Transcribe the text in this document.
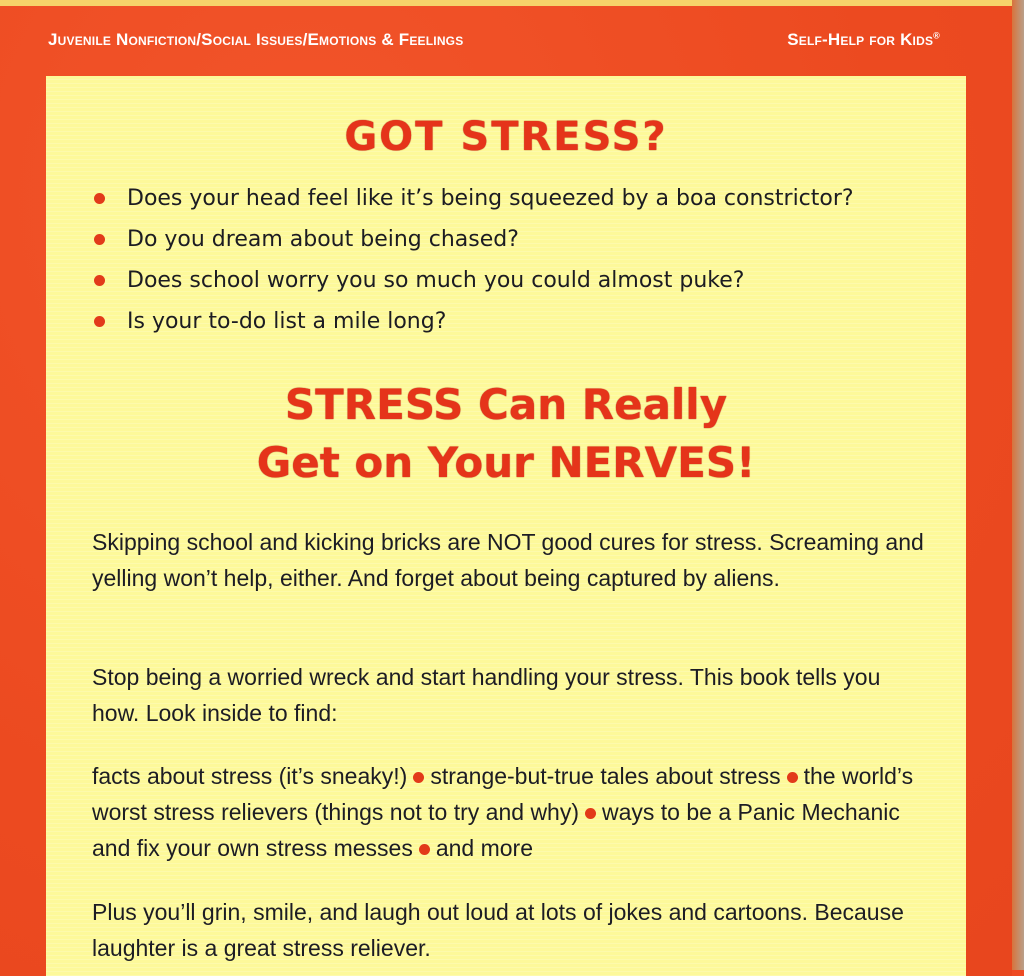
Juvenile Nonfiction/Social Issues/Emotions & Feelings	Self-Help for Kids®
GOT STRESS?
Does your head feel like it’s being squeezed by a boa constrictor?
Do you dream about being chased?
Does school worry you so much you could almost puke?
Is your to-do list a mile long?
STRESS Can Really
Get on Your NERVES!

Skipping school and kicking bricks are NOT good cures for stress. Screaming and yelling won’t help, either. And forget about being captured by aliens.

Stop being a worried wreck and start handling your stress. This book tells you how. Look inside to find:

facts about stress (it’s sneaky!) strange-but-true tales about stress the world’s worst stress relievers (things not to try and why) ways to be a Panic Mechanic and fix your own stress messes and more

Plus you’ll grin, smile, and laugh out loud at lots of jokes and cartoons. Because laughter is a great stress reliever.
